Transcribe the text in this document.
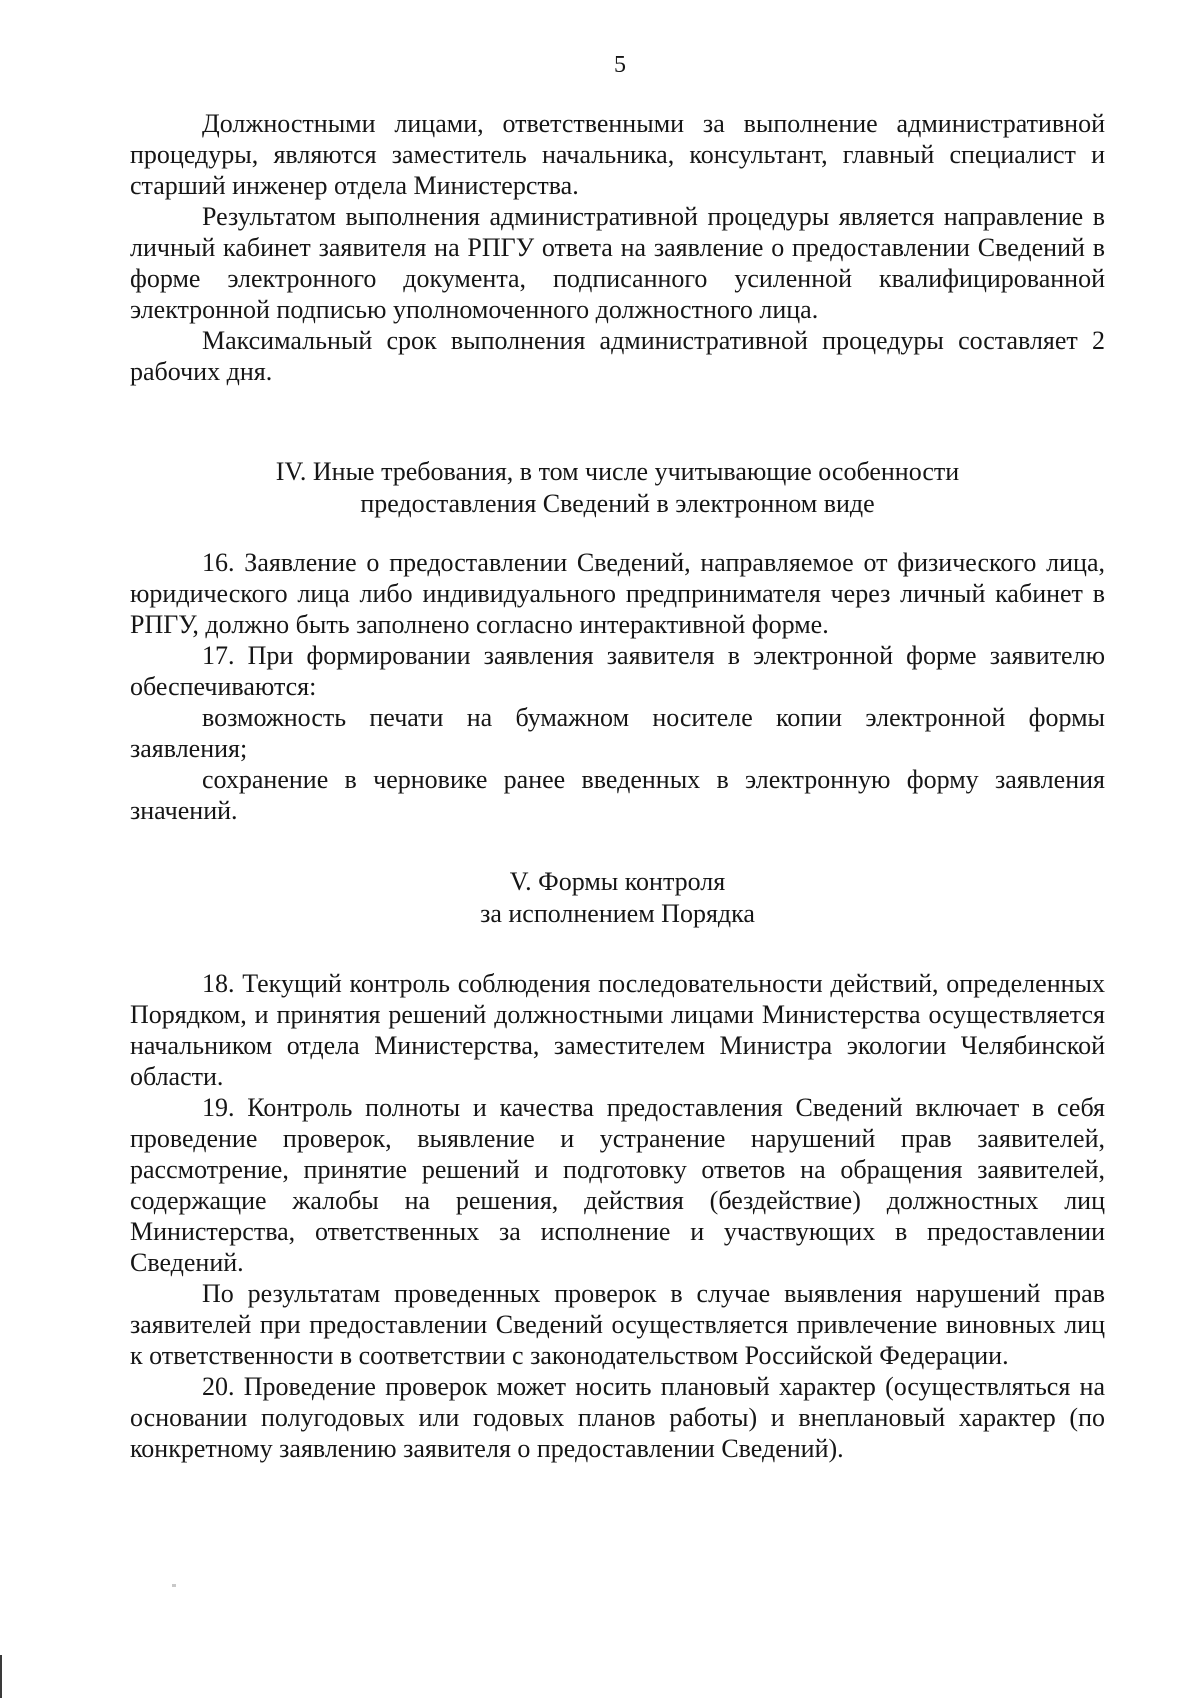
5

Должностными лицами, ответственными за выполнение административной процедуры, являются заместитель начальника, консультант, главный специалист и старший инженер отдела Министерства.

Результатом выполнения административной процедуры является направление в личный кабинет заявителя на РПГУ ответа на заявление о предоставлении Сведений в форме электронного документа, подписанного усиленной квалифицированной электронной подписью уполномоченного должностного лица.

Максимальный срок выполнения административной процедуры составляет 2 рабочих дня.

IV. Иные требования, в том числе учитывающие особенности
предоставления Сведений в электронном виде

16. Заявление о предоставлении Сведений, направляемое от физического лица, юридического лица либо индивидуального предпринимателя через личный кабинет в РПГУ, должно быть заполнено согласно интерактивной форме.

17. При формировании заявления заявителя в электронной форме заявителю обеспечиваются:

возможность печати на бумажном носителе копии электронной формы заявления;

сохранение в черновике ранее введенных в электронную форму заявления значений.

V. Формы контроля
за исполнением Порядка

18. Текущий контроль соблюдения последовательности действий, определенных Порядком, и принятия решений должностными лицами Министерства осуществляется начальником отдела Министерства, заместителем Министра экологии Челябинской области.

19. Контроль полноты и качества предоставления Сведений включает в себя проведение проверок, выявление и устранение нарушений прав заявителей, рассмотрение, принятие решений и подготовку ответов на обращения заявителей, содержащие жалобы на решения, действия (бездействие) должностных лиц Министерства, ответственных за исполнение и участвующих в предоставлении Сведений.

По результатам проведенных проверок в случае выявления нарушений прав заявителей при предоставлении Сведений осуществляется привлечение виновных лиц к ответственности в соответствии с законодательством Российской Федерации.

20. Проведение проверок может носить плановый характер (осуществляться на основании полугодовых или годовых планов работы) и внеплановый характер (по конкретному заявлению заявителя о предоставлении Сведений).
